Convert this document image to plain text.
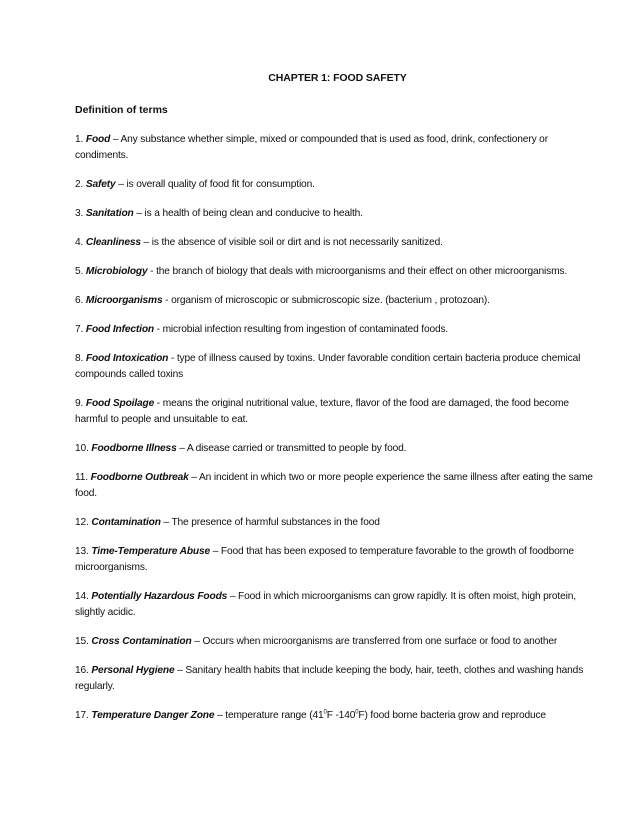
CHAPTER 1: FOOD SAFETY
Definition of terms
1. Food – Any substance whether simple, mixed or compounded that is used as food, drink, confectionery or condiments.
2. Safety – is overall quality of food fit for consumption.
3. Sanitation – is a health of being clean and conducive to health.
4. Cleanliness – is the absence of visible soil or dirt and is not necessarily sanitized.
5. Microbiology - the branch of biology that deals with microorganisms and their effect on other microorganisms.
6. Microorganisms - organism of microscopic or submicroscopic size. (bacterium , protozoan).
7. Food Infection - microbial infection resulting from ingestion of contaminated foods.
8. Food Intoxication - type of illness caused by toxins. Under favorable condition certain bacteria produce chemical compounds called toxins
9. Food Spoilage - means the original nutritional value, texture, flavor of the food are damaged, the food become harmful to people and unsuitable to eat.
10. Foodborne Illness – A disease carried or transmitted to people by food.
11. Foodborne Outbreak – An incident in which two or more people experience the same illness after eating the same food.
12. Contamination – The presence of harmful substances in the food
13. Time-Temperature Abuse – Food that has been exposed to temperature favorable to the growth of foodborne microorganisms.
14. Potentially Hazardous Foods – Food in which microorganisms can grow rapidly. It is often moist, high protein, slightly acidic.
15. Cross Contamination – Occurs when microorganisms are transferred from one surface or food to another
16. Personal Hygiene – Sanitary health habits that include keeping the body, hair, teeth, clothes and washing hands regularly.
17. Temperature Danger Zone – temperature range ($41^0F$ $-140^0F$) food borne bacteria grow and reproduce
